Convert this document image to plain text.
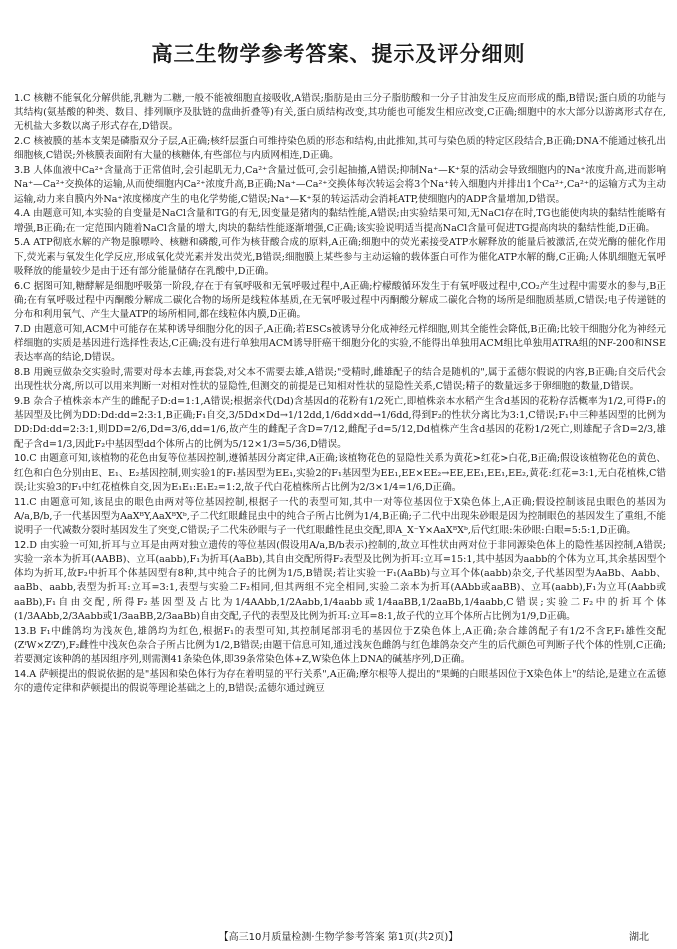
高三生物学参考答案、提示及评分细则

1.C 核糖不能氧化分解供能,乳糖为二糖,一般不能被细胞直接吸收,A错误;脂肪是由三分子脂肪酸和一分子甘油发生反应而形成的酯,B错误;蛋白质的功能与其结构(氨基酸的种类、数目、排列顺序及肽链的盘曲折叠等)有关,蛋白质结构改变,其功能也可能发生相应改变,C正确;细胞中的水大部分以游离形式存在,无机盐大多数以离子形式存在,D错误。

2.C 核被膜的基本支架是磷脂双分子层,A正确;核纤层蛋白可维持染色质的形态和结构,由此推知,其可与染色质的特定区段结合,B正确;DNA不能通过核孔出细胞核,C错误;外核膜表面附有大量的核糖体,有些部位与内质网相连,D正确。

3.B 人体血液中Ca²⁺含量高于正常值时,会引起肌无力,Ca²⁺含量过低可,会引起抽搐,A错误;抑制Na⁺—K⁺泵的活动会导致细胞内的Na⁺浓度升高,进而影响Na⁺—Ca²⁺交换体的运输,从而使细胞内Ca²⁺浓度升高,B正确;Na⁺—Ca²⁺交换体每次转运会将3个Na⁺转入细胞内并排出1个Ca²⁺,Ca²⁺的运输方式为主动运输,动力来自膜内外Na⁺浓度梯度产生的电化学势能,C错误;Na⁺—K⁺泵的转运活动会消耗ATP,使细胞内的ADP含量增加,D错误。

4.A 由题意可知,本实验的自变量是NaCl含量和TG的有无,因变量是猪肉的黏结性能,A错误;由实验结果可知,无NaCl存在时,TG也能使肉块的黏结性能略有增强,B正确;在一定范围内随着NaCl含量的增大,肉块的黏结性能逐渐增强,C正确;该实验说明适当提高NaCl含量可促进TG提高肉块的黏结性能,D正确。

5.A ATP彻底水解的产物是腺嘌呤、核糖和磷酸,可作为核苷酸合成的原料,A正确;细胞中的荧光素接受ATP水解释放的能量后被激活,在荧光酶的催化作用下,荧光素与氧发生化学反应,形成氧化荧光素并发出荧光,B错误;细胞膜上某些参与主动运输的载体蛋白可作为催化ATP水解的酶,C正确;人体肌细胞无氧呼吸释放的能量较少是由于还有部分能量储存在乳酸中,D正确。

6.C 据图可知,糖酵解是细胞呼吸第一阶段,存在于有氧呼吸和无氧呼吸过程中,A正确;柠檬酸循环发生于有氧呼吸过程中,CO₂产生过程中需要水的参与,B正确;在有氧呼吸过程中丙酮酸分解成二碳化合物的场所是线粒体基质,在无氧呼吸过程中丙酮酸分解成二碳化合物的场所是细胞质基质,C错误;电子传递链的分布和利用氧气、产生大量ATP的场所相同,都在线粒体内膜,D正确。

7.D 由题意可知,ACM中可能存在某种诱导细胞分化的因子,A正确;若ESCs被诱导分化成神经元样细胞,则其全能性会降低,B正确;比较干细胞分化为神经元样细胞的实质是基因进行选择性表达,C正确;没有进行单独用ACM诱导肝癌干细胞分化的实验,不能得出单独用ACM组比单独用ATRA组的NF-200和NSE表达率高的结论,D错误。

8.B 用豌豆做杂交实验时,需要对母本去雄,再套袋,对父本不需要去雄,A错误;"受精时,雌雄配子的结合是随机的",属于孟德尔假说的内容,B正确;自交后代会出现性状分离,所以可以用来判断一对相对性状的显隐性,但测交的前提是已知相对性状的显隐性关系,C错误;精子的数量远多于卵细胞的数量,D错误。

9.B 杂合子植株亲本产生的雌配子D:d=1:1,A错误;根据亲代(Dd)含基因d的花粉有1/2死亡,即植株亲本水稻产生含d基因的花粉存活概率为1/2,可得F₁的基因型及比例为DD:Dd:dd=2:3:1,B正确;F₁自交,3/5Dd×Dd→1/12dd,1/6dd×dd→1/6dd,得到F₂的性状分离比为3:1,C错误;F₁中三种基因型的比例为DD:Dd:dd=2:3:1,则DD=2/6,Dd=3/6,dd=1/6,故产生的雌配子含D=7/12,雌配子d=5/12,Dd植株产生含d基因的花粉1/2死亡,则雄配子含D=2/3,雄配子含d=1/3,因此F₂中基因型dd个体所占的比例为5/12×1/3=5/36,D错误。

10.C 由题意可知,该植物的花色由复等位基因控制,遵循基因分离定律,A正确;该植物花色的显隐性关系为黄花>红花>白花,B正确;假设该植物花色的黄色、红色和白色分别由E、E₁、E₂基因控制,则实验1的F₁基因型为EE₁,实验2的F₁基因型为EE₁,EE×EE₂→EE,EE₁,EE₁,EE₂,黄花:红花=3:1,无白花植株,C错误;让实验3的F₁中红花植株自交,因为E₁E₁:E₁E₂=1:2,故子代白花植株所占比例为2/3×1/4=1/6,D正确。

11.C 由题意可知,该昆虫的眼色由两对等位基因控制,根据子一代的表型可知,其中一对等位基因位于X染色体上,A正确;假设控制该昆虫眼色的基因为A/a,B/b,子一代基因型为AaXᴮY,AaXᴮXᵇ,子二代红眼雌昆虫中的纯合子所占比例为1/4,B正确;子二代中出现朱砂眼是因为控制眼色的基因发生了重组,不能说明子一代减数分裂时基因发生了突变,C错误;子二代朱砂眼与子一代红眼雌性昆虫交配,即A_X⁻Y×AaXᴮXᵇ,后代红眼:朱砂眼:白眼=5:5:1,D正确。

12.D 由实验一可知,折耳与立耳是由两对独立遗传的等位基因(假设用A/a,B/b表示)控制的,故立耳性状由两对位于非同源染色体上的隐性基因控制,A错误;实验一亲本为折耳(AABB)、立耳(aabb),F₁为折耳(AaBb),其自由交配所得F₂表型及比例为折耳:立耳=15:1,其中基因为aabb的个体为立耳,其余基因型个体均为折耳,故F₂中折耳个体基因型有8种,其中纯合子的比例为1/5,B错误;若让实验一F₁(AaBb)与立耳个体(aabb)杂交,子代基因型为AaBb、Aabb、aaBb、aabb,表型为折耳:立耳=3:1,表型与实验二F₂相同,但其两组不完全相同,实验二亲本为折耳(AAbb或aaBB)、立耳(aabb),F₁为立耳(Aabb或aaBb),F₁自由交配,所得F₂基因型及占比为1/4AAbb,1/2Aabb,1/4aabb或1/4aaBB,1/2aaBb,1/4aabb,C错误;实验二F₂中的折耳个体(1/3AAbb,2/3Aabb或1/3aaBB,2/3aaBb)自由交配,子代的表型及比例为折耳:立耳=8:1,故子代的立耳个体所占比例为1/9,D正确。

13.B F₁中雌鸽均为浅灰色,雄鸽均为红色,根据F₁的表型可知,其控制尾部羽毛的基因位于Z染色体上,A正确;杂合雄鸽配子有1/2不含F,F₁雄性交配(ZᶠW×ZᶠZᶠ),F₂雌性中浅灰色杂合子所占比例为1/2,B错误;由题干信息可知,通过浅灰色雌鸽与红色雄鸽杂交产生的后代颜色可判断子代个体的性别,C正确;若要测定该种鸽的基因组序列,则需测41条染色体,即39条常染色体+Z,W染色体上DNA的碱基序列,D正确。

14.A 萨顿提出的假说依据的是"基因和染色体行为存在着明显的平行关系",A正确;摩尔根等人提出的"果蝇的白眼基因位于X染色体上"的结论,是建立在孟德尔的遗传定律和萨顿提出的假说等理论基础之上的,B错误;孟德尔通过豌豆

【高三10月质量检测·生物学参考答案 第1页(共2页)】	湖北
